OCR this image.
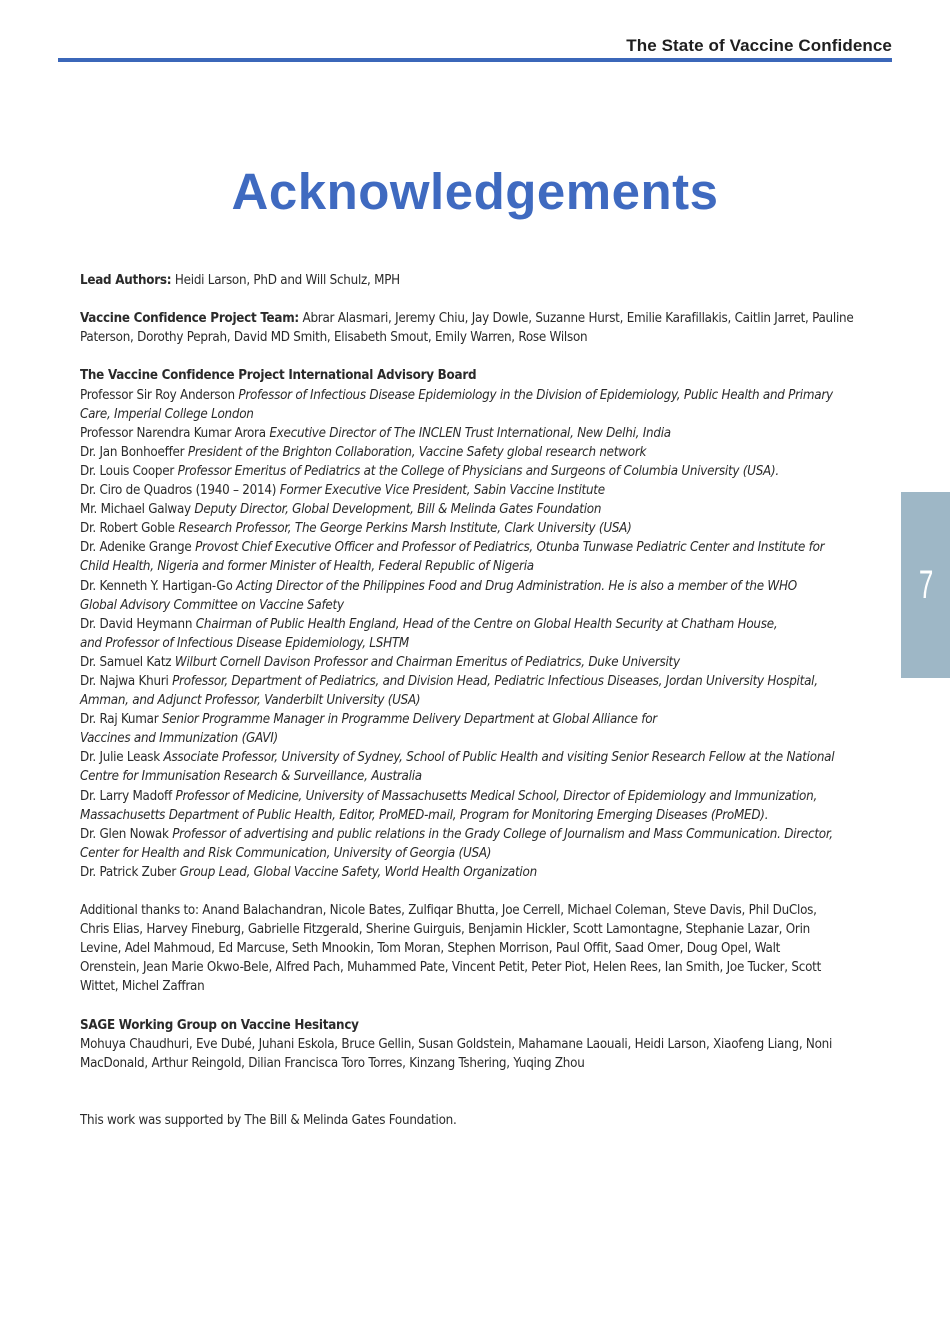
The State of Vaccine Confidence
Acknowledgements
7

Lead Authors: Heidi Larson, PhD and Will Schulz, MPH

Vaccine Confidence Project Team: Abrar Alasmari, Jeremy Chiu, Jay Dowle, Suzanne Hurst, Emilie Karafillakis, Caitlin Jarret, Pauline Paterson, Dorothy Peprah, David MD Smith, Elisabeth Smout, Emily Warren, Rose Wilson

The Vaccine Confidence Project International Advisory Board

Professor Sir Roy Anderson Professor of Infectious Disease Epidemiology in the Division of Epidemiology, Public Health and Primary
Care, Imperial College London

Professor Narendra Kumar Arora Executive Director of The INCLEN Trust International, New Delhi, India

Dr. Jan Bonhoeffer President of the Brighton Collaboration, Vaccine Safety global research network

Dr. Louis Cooper Professor Emeritus of Pediatrics at the College of Physicians and Surgeons of Columbia University (USA).

Dr. Ciro de Quadros (1940 – 2014) Former Executive Vice President, Sabin Vaccine Institute

Mr. Michael Galway Deputy Director, Global Development, Bill & Melinda Gates Foundation

Dr. Robert Goble Research Professor, The George Perkins Marsh Institute, Clark University (USA)

Dr. Adenike Grange Provost Chief Executive Officer and Professor of Pediatrics, Otunba Tunwase Pediatric Center and Institute for
Child Health, Nigeria and former Minister of Health, Federal Republic of Nigeria

Dr. Kenneth Y. Hartigan-Go Acting Director of the Philippines Food and Drug Administration. He is also a member of the WHO
Global Advisory Committee on Vaccine Safety

Dr. David Heymann Chairman of Public Health England, Head of the Centre on Global Health Security at Chatham House,
and Professor of Infectious Disease Epidemiology, LSHTM

Dr. Samuel Katz Wilburt Cornell Davison Professor and Chairman Emeritus of Pediatrics, Duke University

Dr. Najwa Khuri Professor, Department of Pediatrics, and Division Head, Pediatric Infectious Diseases, Jordan University Hospital,
Amman, and Adjunct Professor, Vanderbilt University (USA)

Dr. Raj Kumar Senior Programme Manager in Programme Delivery Department at Global Alliance for
Vaccines and Immunization (GAVI)

Dr. Julie Leask Associate Professor, University of Sydney, School of Public Health and visiting Senior Research Fellow at the National
Centre for Immunisation Research & Surveillance, Australia

Dr. Larry Madoff Professor of Medicine, University of Massachusetts Medical School, Director of Epidemiology and Immunization,
Massachusetts Department of Public Health, Editor, ProMED-mail, Program for Monitoring Emerging Diseases (ProMED).

Dr. Glen Nowak Professor of advertising and public relations in the Grady College of Journalism and Mass Communication. Director,
Center for Health and Risk Communication, University of Georgia (USA)

Dr. Patrick Zuber Group Lead, Global Vaccine Safety, World Health Organization

Additional thanks to: Anand Balachandran, Nicole Bates, Zulfiqar Bhutta, Joe Cerrell, Michael Coleman, Steve Davis, Phil DuClos,

Chris Elias, Harvey Fineburg, Gabrielle Fitzgerald, Sherine Guirguis, Benjamin Hickler, Scott Lamontagne, Stephanie Lazar, Orin

Levine, Adel Mahmoud, Ed Marcuse, Seth Mnookin, Tom Moran, Stephen Morrison, Paul Offit, Saad Omer, Doug Opel, Walt

Orenstein, Jean Marie Okwo-Bele, Alfred Pach, Muhammed Pate, Vincent Petit, Peter Piot, Helen Rees, Ian Smith, Joe Tucker, Scott

Wittet, Michel Zaffran

SAGE Working Group on Vaccine Hesitancy

Mohuya Chaudhuri, Eve Dubé, Juhani Eskola, Bruce Gellin, Susan Goldstein, Mahamane Laouali, Heidi Larson, Xiaofeng Liang, Noni

MacDonald, Arthur Reingold, Dilian Francisca Toro Torres, Kinzang Tshering, Yuqing Zhou

This work was supported by The Bill & Melinda Gates Foundation.
